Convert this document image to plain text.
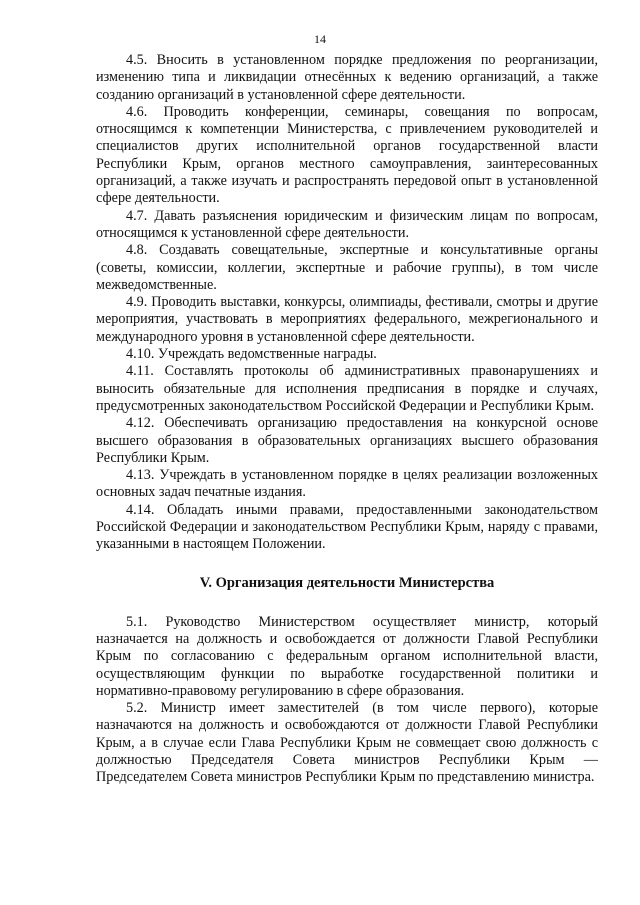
14

4.5. Вносить в установленном порядке предложения по реорганизации, изменению типа и ликвидации отнесённых к ведению организаций, а также созданию организаций в установленной сфере деятельности.

4.6. Проводить конференции, семинары, совещания по вопросам, относящимся к компетенции Министерства, с привлечением руководителей и специалистов других исполнительной органов государственной власти Республики Крым, органов местного самоуправления, заинтересованных организаций, а также изучать и распространять передовой опыт в установленной сфере деятельности.

4.7. Давать разъяснения юридическим и физическим лицам по вопросам, относящимся к установленной сфере деятельности.

4.8. Создавать совещательные, экспертные и консультативные органы (советы, комиссии, коллегии, экспертные и рабочие группы), в том числе межведомственные.

4.9. Проводить выставки, конкурсы, олимпиады, фестивали, смотры и другие мероприятия, участвовать в мероприятиях федерального, межрегионального и международного уровня в установленной сфере деятельности.

4.10. Учреждать ведомственные награды.

4.11. Составлять протоколы об административных правонарушениях и выносить обязательные для исполнения предписания в порядке и случаях, предусмотренных законодательством Российской Федерации и Республики Крым.

4.12. Обеспечивать организацию предоставления на конкурсной основе высшего образования в образовательных организациях высшего образования Республики Крым.

4.13. Учреждать в установленном порядке в целях реализации возложенных основных задач печатные издания.

4.14. Обладать иными правами, предоставленными законодательством Российской Федерации и законодательством Республики Крым, наряду с правами, указанными в настоящем Положении.

V. Организация деятельности Министерства

5.1. Руководство Министерством осуществляет министр, который назначается на должность и освобождается от должности Главой Республики Крым по согласованию с федеральным органом исполнительной власти, осуществляющим функции по выработке государственной политики и нормативно-правовому регулированию в сфере образования.

5.2. Министр имеет заместителей (в том числе первого), которые назначаются на должность и освобождаются от должности Главой Республики Крым, а в случае если Глава Республики Крым не совмещает свою должность с должностью Председателя Совета министров Республики Крым — Председателем Совета министров Республики Крым по представлению министра.
